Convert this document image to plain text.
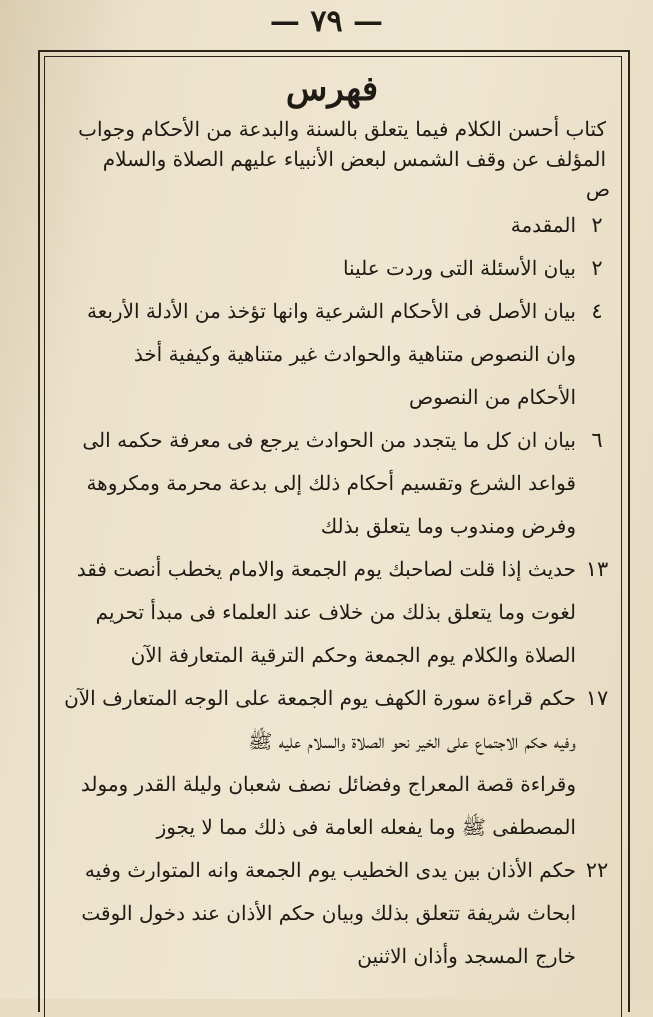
— ٧٩ —
فهرس
كتاب أحسن الكلام فيما يتعلق بالسنة والبدعة من الأحكام وجواب
المؤلف عن وقف الشمس لبعض الأنبياء عليهم الصلاة والسلام
ص
٢
المقدمة
٢
بيان الأسئلة التى وردت علينا
٤
بيان الأصل فى الأحكام الشرعية وانها تؤخذ من الأدلة الأربعة
وان النصوص متناهية والحوادث غير متناهية وكيفية أخذ
الأحكام من النصوص
٦
بيان ان كل ما يتجدد من الحوادث يرجع فى معرفة حكمه الى
قواعد الشرع وتقسيم أحكام ذلك إلى بدعة محرمة ومكروهة
وفرض ومندوب وما يتعلق بذلك
١٣
حديث إذا قلت لصاحبك يوم الجمعة والامام يخطب أنصت فقد
لغوت وما يتعلق بذلك من خلاف عند العلماء فى مبدأ تحريم
الصلاة والكلام يوم الجمعة وحكم الترقية المتعارفة الآن
١٧
حكم قراءة سورة الكهف يوم الجمعة على الوجه المتعارف الآن
وفيه حكم الاجتماع على الخير نحو الصلاة والسلام عليه ﷺ
وقراءة قصة المعراج وفضائل نصف شعبان وليلة القدر ومولد
المصطفى ﷺ وما يفعله العامة فى ذلك مما لا يجوز
٢٢
حكم الأذان بين يدى الخطيب يوم الجمعة وانه المتوارث وفيه
ابحاث شريفة تتعلق بذلك وبيان حكم الأذان عند دخول الوقت
خارج المسجد وأذان الاثنين
